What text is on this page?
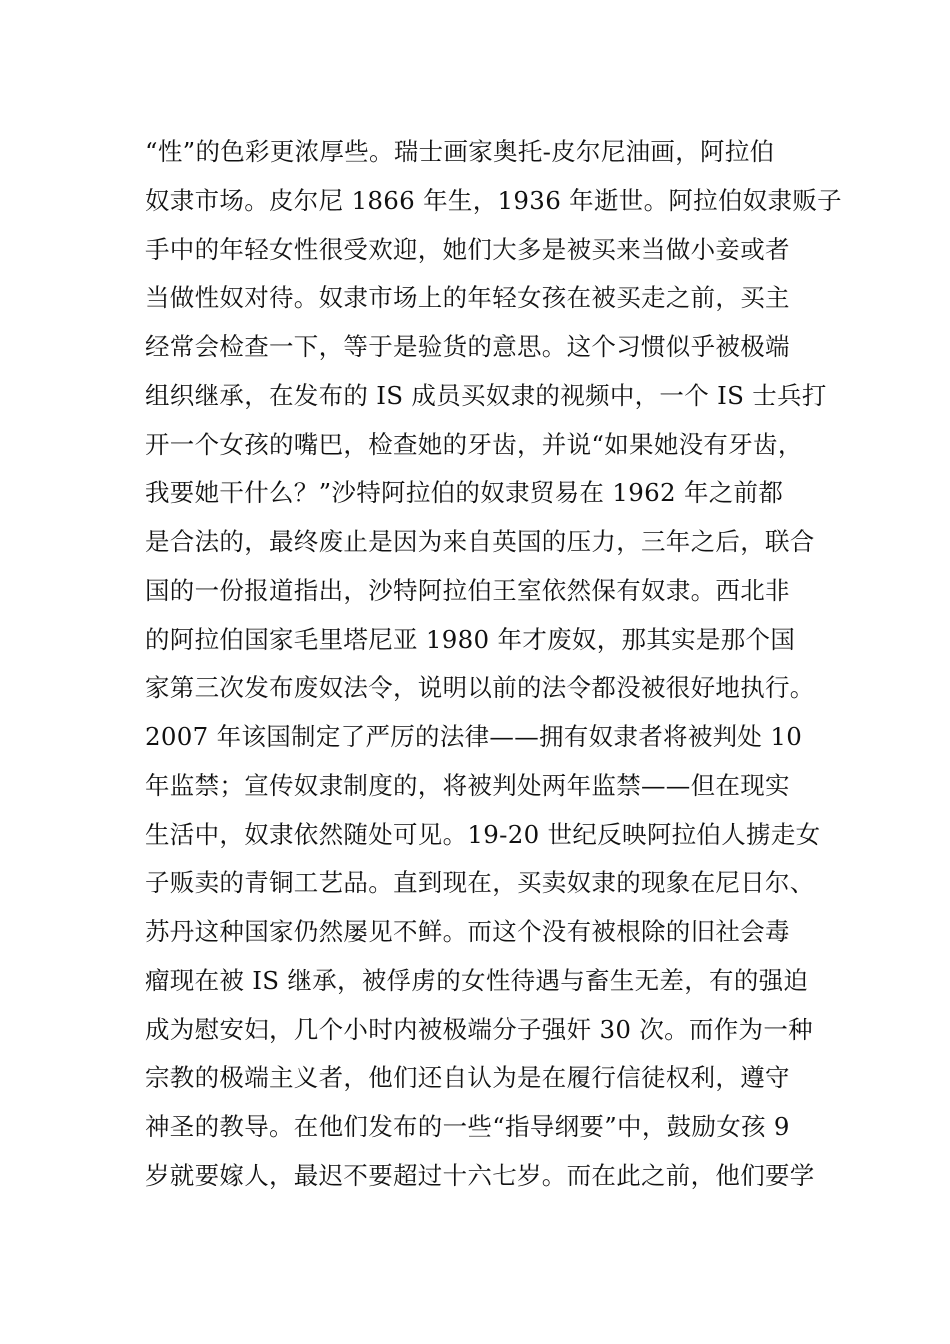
“性”的色彩更浓厚些。瑞士画家奥托-皮尔尼油画，阿拉伯
奴隶市场。皮尔尼 1866 年生，1936 年逝世。阿拉伯奴隶贩子
手中的年轻女性很受欢迎，她们大多是被买来当做小妾或者
当做性奴对待。奴隶市场上的年轻女孩在被买走之前，买主
经常会检查一下，等于是验货的意思。这个习惯似乎被极端
组织继承，在发布的 IS 成员买奴隶的视频中，一个 IS 士兵打
开一个女孩的嘴巴，检查她的牙齿，并说“如果她没有牙齿，
我要她干什么？”沙特阿拉伯的奴隶贸易在 1962 年之前都
是合法的，最终废止是因为来自英国的压力，三年之后，联合
国的一份报道指出，沙特阿拉伯王室依然保有奴隶。西北非
的阿拉伯国家毛里塔尼亚 1980 年才废奴，那其实是那个国
家第三次发布废奴法令，说明以前的法令都没被很好地执行。
2007 年该国制定了严厉的法律——拥有奴隶者将被判处 10
年监禁；宣传奴隶制度的，将被判处两年监禁——但在现实
生活中，奴隶依然随处可见。19-20 世纪反映阿拉伯人掳走女
子贩卖的青铜工艺品。直到现在，买卖奴隶的现象在尼日尔、
苏丹这种国家仍然屡见不鲜。而这个没有被根除的旧社会毒
瘤现在被 IS 继承，被俘虏的女性待遇与畜生无差，有的强迫
成为慰安妇，几个小时内被极端分子强奸 30 次。而作为一种
宗教的极端主义者，他们还自认为是在履行信徒权利，遵守
神圣的教导。在他们发布的一些“指导纲要”中，鼓励女孩 9
岁就要嫁人，最迟不要超过十六七岁。而在此之前，他们要学
